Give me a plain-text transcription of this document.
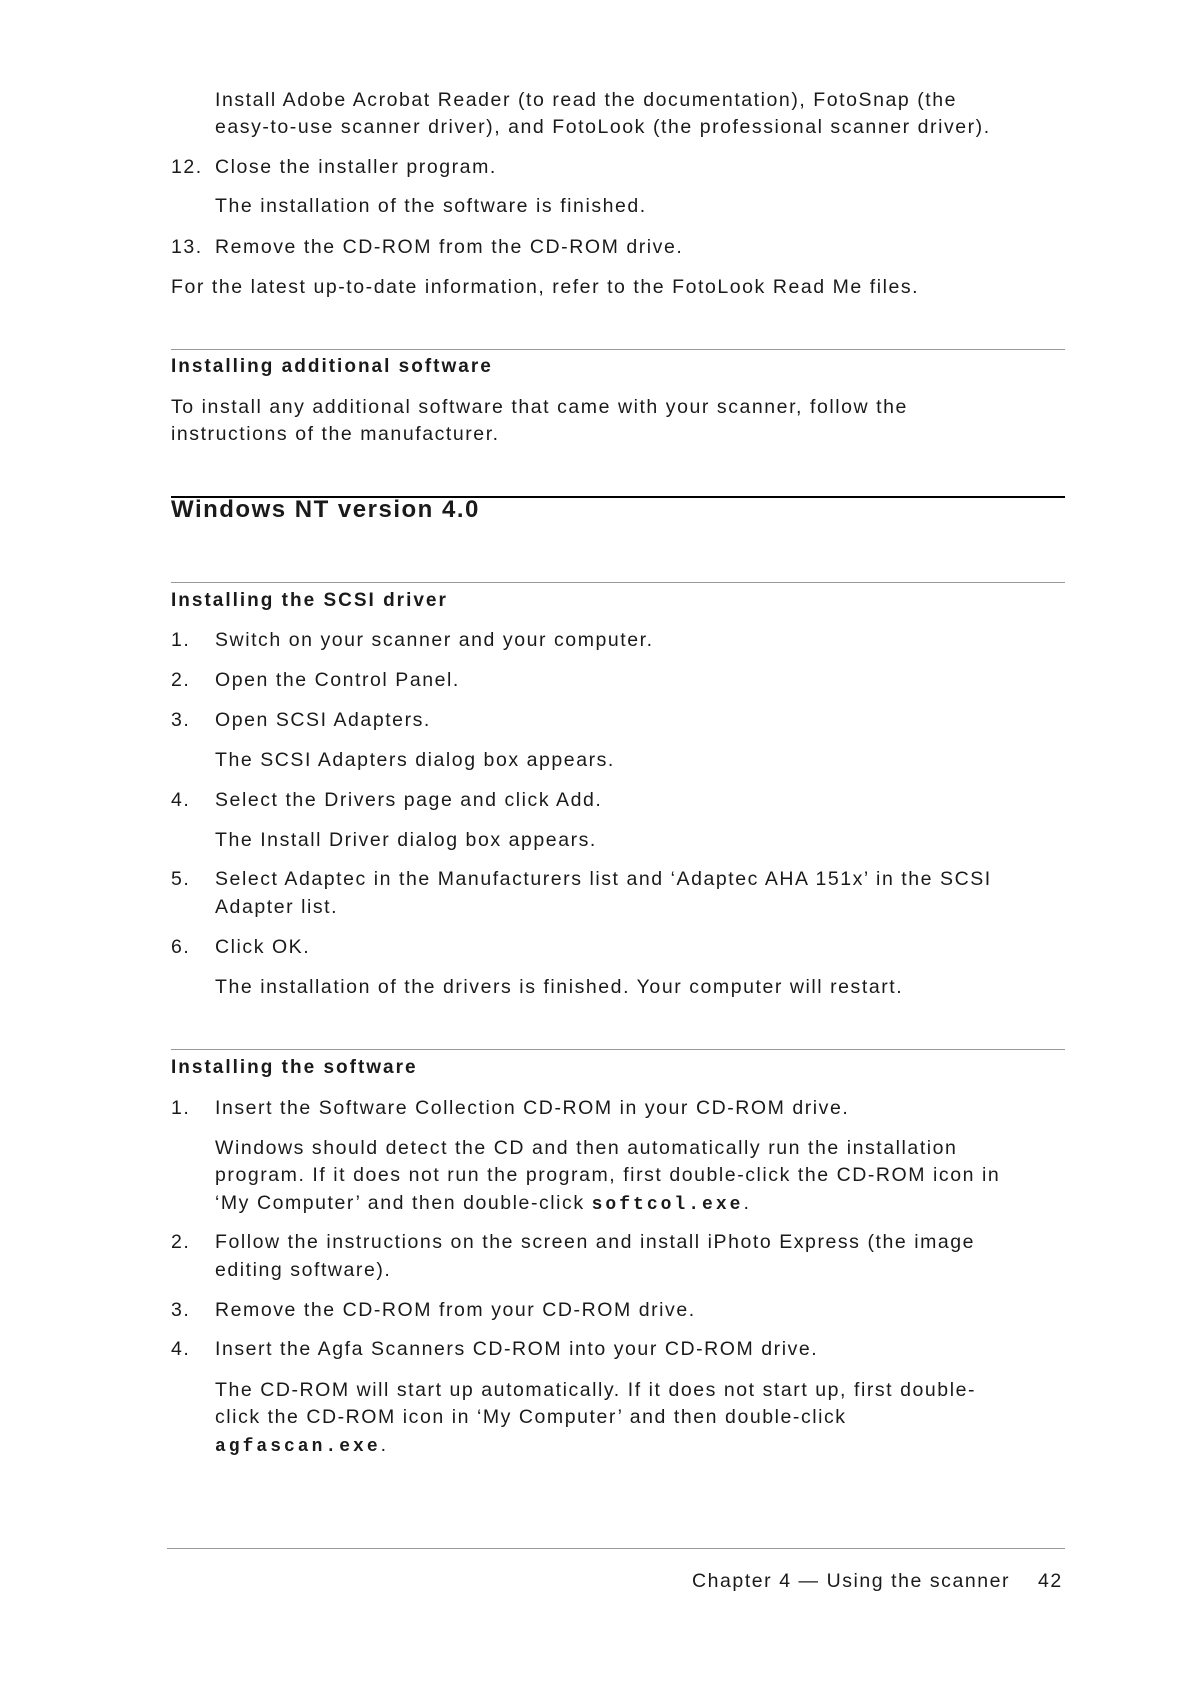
Install Adobe Acrobat Reader (to read the documentation), FotoSnap (the
easy-to-use scanner driver), and FotoLook (the professional scanner driver).
12. Close the installer program.
The installation of the software is finished.
13. Remove the CD-ROM from the CD-ROM drive.
For the latest up-to-date information, refer to the FotoLook Read Me files.
Installing additional software
To install any additional software that came with your scanner, follow the
instructions of the manufacturer.
Windows NT version 4.0
Installing the SCSI driver
1. Switch on your scanner and your computer.
2. Open the Control Panel.
3. Open SCSI Adapters.
The SCSI Adapters dialog box appears.
4. Select the Drivers page and click Add.
The Install Driver dialog box appears.
5. Select Adaptec in the Manufacturers list and ‘Adaptec AHA 151x’ in the SCSI
Adapter list.
6. Click OK.
The installation of the drivers is finished. Your computer will restart.
Installing the software
1. Insert the Software Collection CD-ROM in your CD-ROM drive.
Windows should detect the CD and then automatically run the installation
program. If it does not run the program, first double-click the CD-ROM icon in
‘My Computer’ and then double-click softcol.exe.
2. Follow the instructions on the screen and install iPhoto Express (the image
editing software).
3. Remove the CD-ROM from your CD-ROM drive.
4. Insert the Agfa Scanners CD-ROM into your CD-ROM drive.
The CD-ROM will start up automatically. If it does not start up, first double-
click the CD-ROM icon in ‘My Computer’ and then double-click
agfascan.exe.
Chapter 4 — Using the scanner 42
